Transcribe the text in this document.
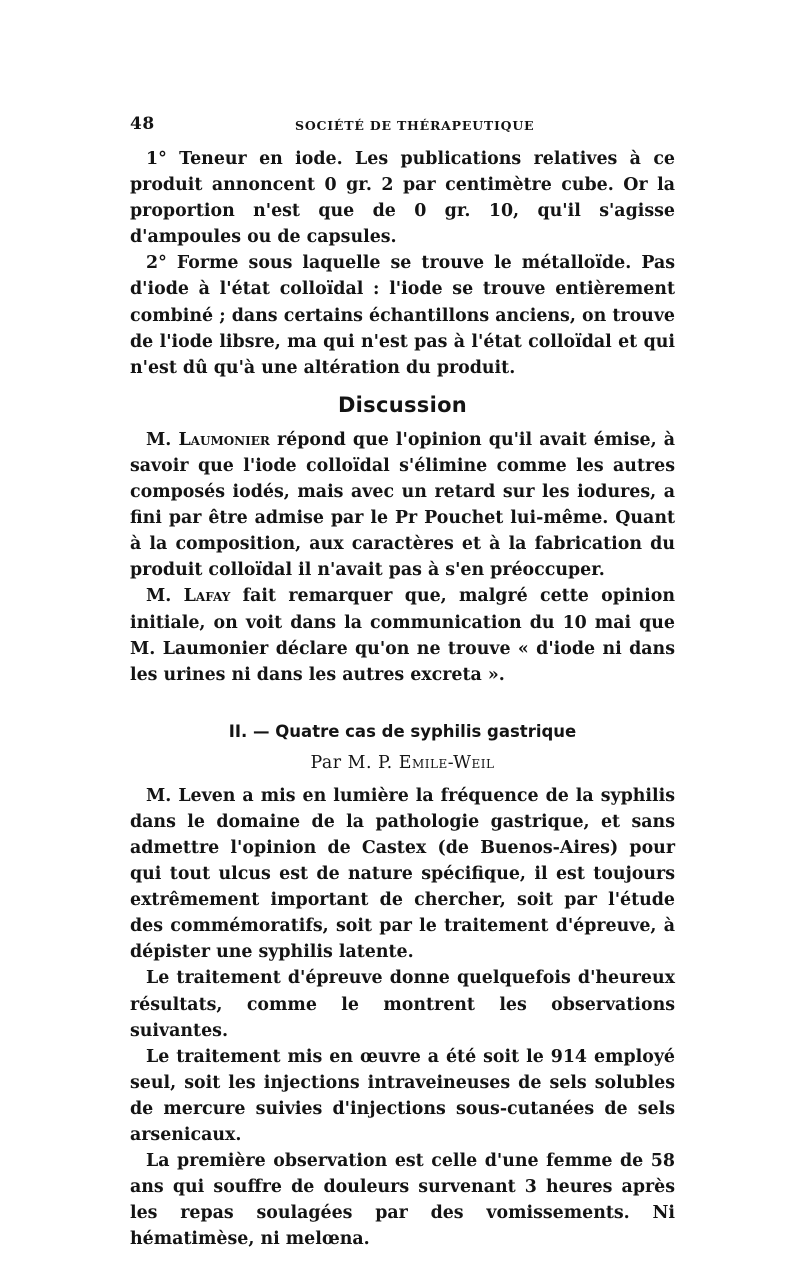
48	SOCIÉTÉ DE THÉRAPEUTIQUE

1° Teneur en iode. Les publications relatives à ce produit annoncent 0 gr. 2 par centimètre cube. Or la proportion n'est que de 0 gr. 10, qu'il s'agisse d'ampoules ou de capsules.

2° Forme sous laquelle se trouve le métalloïde. Pas d'iode à l'état colloïdal : l'iode se trouve entièrement combiné ; dans certains échantillons anciens, on trouve de l'iode libsre, ma qui n'est pas à l'état colloïdal et qui n'est dû qu'à une altération du produit.

Discussion

M. Laumonier répond que l'opinion qu'il avait émise, à savoir que l'iode colloïdal s'élimine comme les autres composés iodés, mais avec un retard sur les iodures, a fini par être admise par le Pr Pouchet lui-même. Quant à la composition, aux caractères et à la fabrication du produit colloïdal il n'avait pas à s'en préoccuper.

M. Lafay fait remarquer que, malgré cette opinion initiale, on voit dans la communication du 10 mai que M. Laumonier déclare qu'on ne trouve « d'iode ni dans les urines ni dans les autres excreta ».

II. — Quatre cas de syphilis gastrique
Par M. P. Emile-Weil

M. Leven a mis en lumière la fréquence de la syphilis dans le domaine de la pathologie gastrique, et sans admettre l'opinion de Castex (de Buenos-Aires) pour qui tout ulcus est de nature spécifique, il est toujours extrêmement important de chercher, soit par l'étude des commémoratifs, soit par le traitement d'épreuve, à dépister une syphilis latente.

Le traitement d'épreuve donne quelquefois d'heureux résultats, comme le montrent les observations suivantes.

Le traitement mis en œuvre a été soit le 914 employé seul, soit les injections intraveineuses de sels solubles de mercure suivies d'injections sous-cutanées de sels arsenicaux.

La première observation est celle d'une femme de 58 ans qui souffre de douleurs survenant 3 heures après les repas soulagées par des vomissements. Ni hématimèse, ni melœna.
